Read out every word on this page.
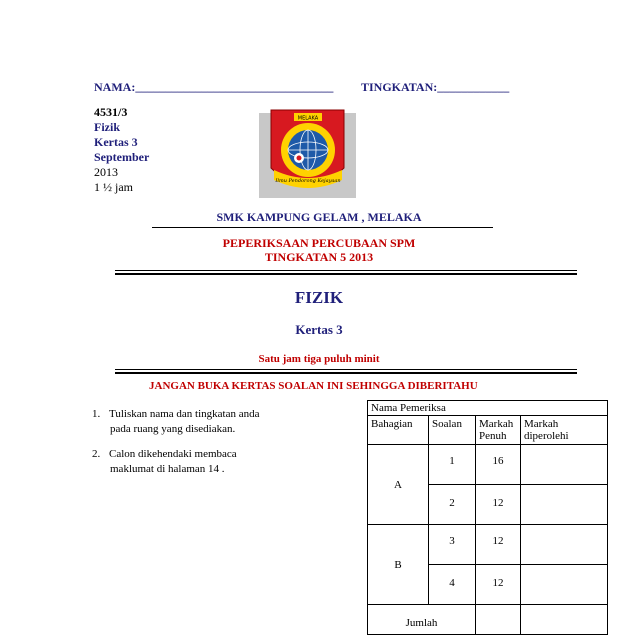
NAMA:_________________________________ TINGKATAN:____________
4531/3
Fizik
Kertas 3
September
2013
1 ½ jam
MELAKA
Ilmu Pendorong Kejayaan
SMK KAMPUNG GELAM , MELAKA
PEPERIKSAAN PERCUBAAN SPM
TINGKATAN 5 2013
FIZIK
Kertas 3
Satu jam tiga puluh minit
JANGAN BUKA KERTAS SOALAN INI SEHINGGA DIBERITAHU
1. Tuliskan nama dan tingkatan anda
pada ruang yang disediakan.
2. Calon dikehendaki membaca
maklumat di halaman 14 .
Nama Pemeriksa			
Bahagian	Soalan	Markah Penuh	Markah diperolehi
A	1	16	
	2	12	
B	3	12	
	4	12	
Jumlah			
